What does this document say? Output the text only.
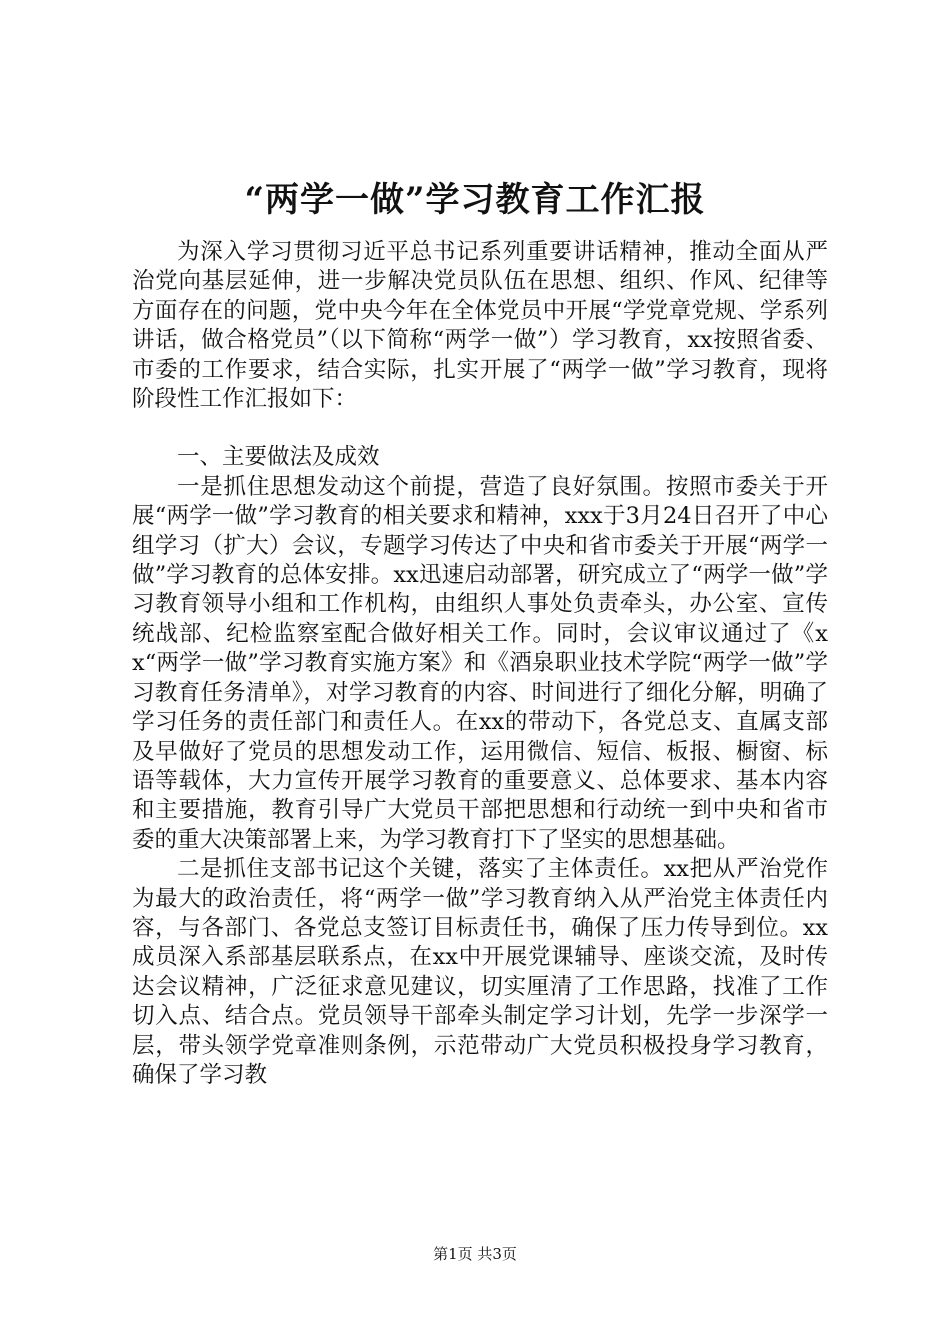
“两学一做”学习教育工作汇报

为深入学习贯彻习近平总书记系列重要讲话精神，推动全面从严治党向基层延伸，进一步解决党员队伍在思想、组织、作风、纪律等方面存在的问题，党中央今年在全体党员中开展“学党章党规、学系列讲话，做合格党员”（以下简称“两学一做”）学习教育，xx按照省委、市委的工作要求，结合实际，扎实开展了“两学一做”学习教育，现将阶段性工作汇报如下：

一、主要做法及成效

一是抓住思想发动这个前提，营造了良好氛围。按照市委关于开展“两学一做”学习教育的相关要求和精神，xxx于3月24日召开了中心组学习（扩大）会议，专题学习传达了中央和省市委关于开展“两学一做”学习教育的总体安排。xx迅速启动部署，研究成立了“两学一做”学习教育领导小组和工作机构，由组织人事处负责牵头，办公室、宣传统战部、纪检监察室配合做好相关工作。同时，会议审议通过了《xx“两学一做”学习教育实施方案》和《酒泉职业技术学院“两学一做”学习教育任务清单》，对学习教育的内容、时间进行了细化分解，明确了学习任务的责任部门和责任人。在xx的带动下，各党总支、直属支部及早做好了党员的思想发动工作，运用微信、短信、板报、橱窗、标语等载体，大力宣传开展学习教育的重要意义、总体要求、基本内容和主要措施，教育引导广大党员干部把思想和行动统一到中央和省市委的重大决策部署上来，为学习教育打下了坚实的思想基础。

二是抓住支部书记这个关键，落实了主体责任。xx把从严治党作为最大的政治责任，将“两学一做”学习教育纳入从严治党主体责任内容，与各部门、各党总支签订目标责任书，确保了压力传导到位。xx成员深入系部基层联系点，在xx中开展党课辅导、座谈交流，及时传达会议精神，广泛征求意见建议，切实厘清了工作思路，找准了工作切入点、结合点。党员领导干部牵头制定学习计划，先学一步深学一层，带头领学党章准则条例，示范带动广大党员积极投身学习教育，确保了学习教

第1页 共3页
